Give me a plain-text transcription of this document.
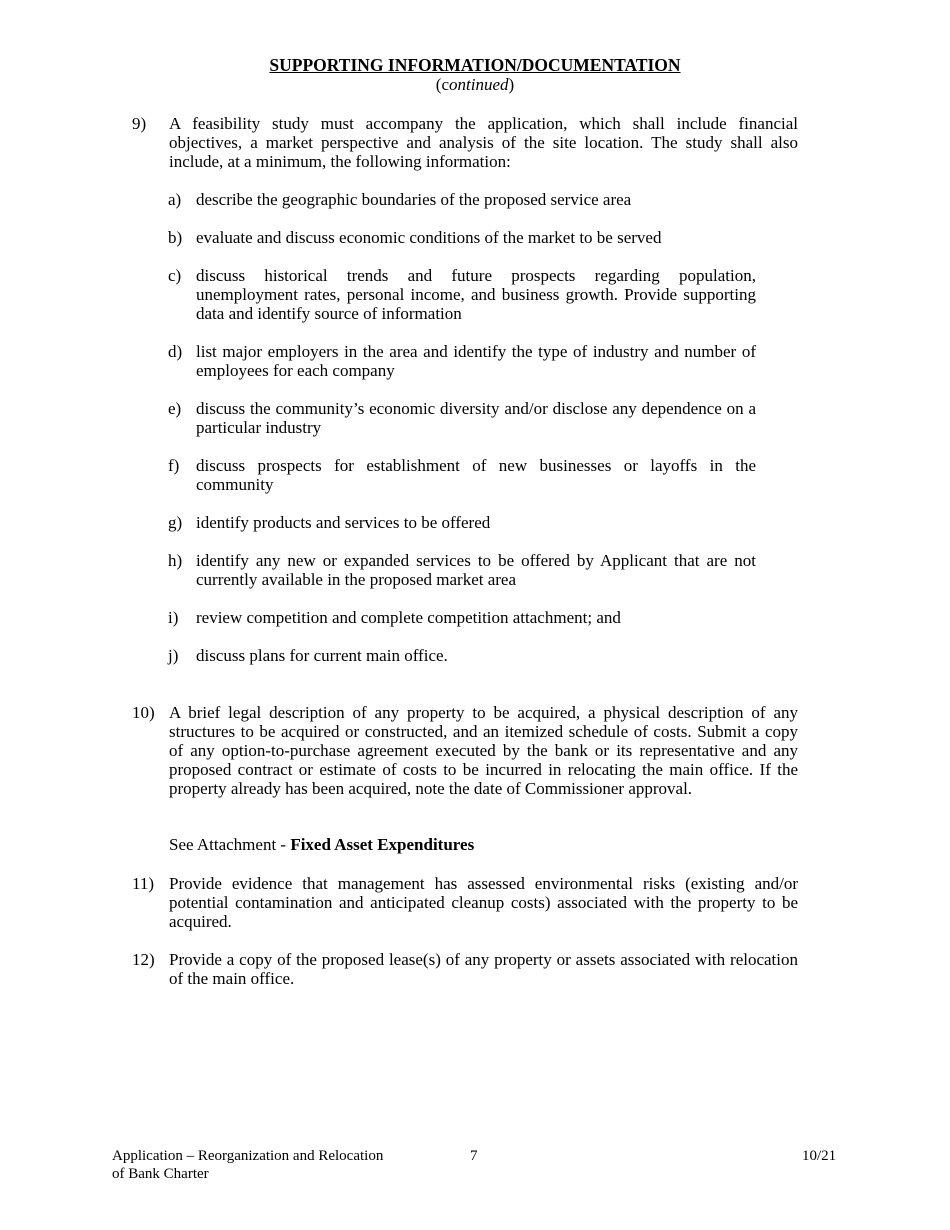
SUPPORTING INFORMATION/DOCUMENTATION
(continued)
9) A feasibility study must accompany the application, which shall include financial objectives, a market perspective and analysis of the site location. The study shall also include, at a minimum, the following information:
a) describe the geographic boundaries of the proposed service area
b) evaluate and discuss economic conditions of the market to be served
c) discuss historical trends and future prospects regarding population, unemployment rates, personal income, and business growth. Provide supporting data and identify source of information
d) list major employers in the area and identify the type of industry and number of employees for each company
e) discuss the community’s economic diversity and/or disclose any dependence on a particular industry
f) discuss prospects for establishment of new businesses or layoffs in the community
g) identify products and services to be offered
h) identify any new or expanded services to be offered by Applicant that are not currently available in the proposed market area
i) review competition and complete competition attachment; and
j) discuss plans for current main office.
10) A brief legal description of any property to be acquired, a physical description of any structures to be acquired or constructed, and an itemized schedule of costs. Submit a copy of any option-to-purchase agreement executed by the bank or its representative and any proposed contract or estimate of costs to be incurred in relocating the main office. If the property already has been acquired, note the date of Commissioner approval.
See Attachment - Fixed Asset Expenditures
11) Provide evidence that management has assessed environmental risks (existing and/or potential contamination and anticipated cleanup costs) associated with the property to be acquired.
12) Provide a copy of the proposed lease(s) of any property or assets associated with relocation of the main office.
Application – Reorganization and Relocation
of Bank Charter
7	10/21
